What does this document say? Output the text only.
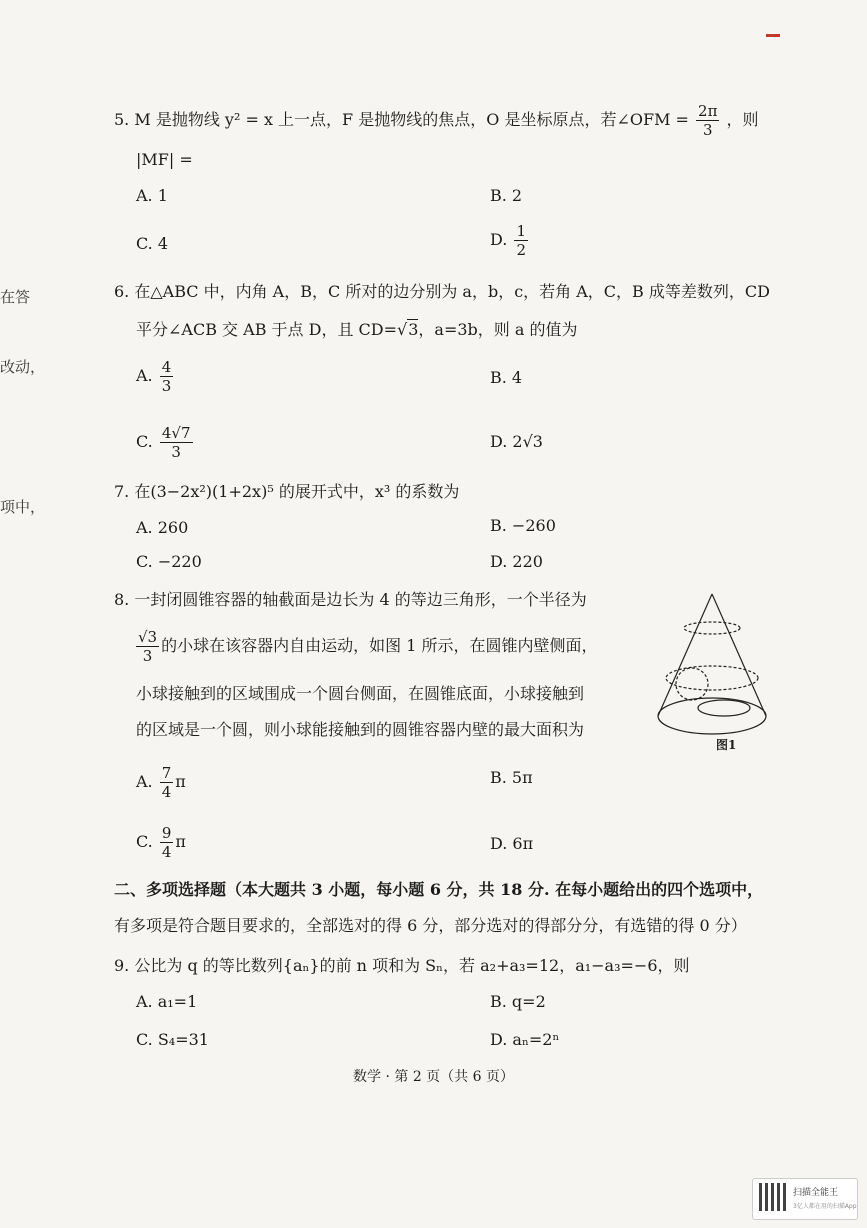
在答
改动，
项中，
5. M 是抛物线 y² = x 上一点，F 是抛物线的焦点，O 是坐标原点，若∠OFM = $\frac{2\pi}{3}$ ，则
|MF| =
A. 1	B. 2
C. 4	D. $\frac{1}{2}$
6. 在△ABC 中，内角 A，B，C 所对的边分别为 a，b，c，若角 A，C，B 成等差数列，CD
平分∠ACB 交 AB 于点 D，且 CD=√3，a=3b，则 a 的值为
A. $\frac{4}{3}$	B. 4
C. $\frac{4√7}{3}$	D. 2√3
7. 在(3−2x²)(1+2x)⁵ 的展开式中，x³ 的系数为
A. 260	B. −260
C. −220	D. 220
8. 一封闭圆锥容器的轴截面是边长为 4 的等边三角形，一个半径为
$\frac{√3}{3}$ 的小球在该容器内自由运动，如图 1 所示，在圆锥内壁侧面，
小球接触到的区域围成一个圆台侧面，在圆锥底面，小球接触到
的区域是一个圆，则小球能接触到的圆锥容器内壁的最大面积为
图1
A. $\frac{7}{4}$ π	B. 5π
C. $\frac{9}{4}$ π	D. 6π
二、多项选择题（本大题共 3 小题，每小题 6 分，共 18 分. 在每小题给出的四个选项中，
有多项是符合题目要求的，全部选对的得 6 分，部分选对的得部分分，有选错的得 0 分）
9. 公比为 q 的等比数列{aₙ}的前 n 项和为 Sₙ，若 a₂+a₃=12，a₁−a₃=−6，则
A. a₁=1	B. q=2
C. S₄=31	D. aₙ=2ⁿ
数学 · 第 2 页（共 6 页）
扫描全能王
3亿人都在用的扫描App
